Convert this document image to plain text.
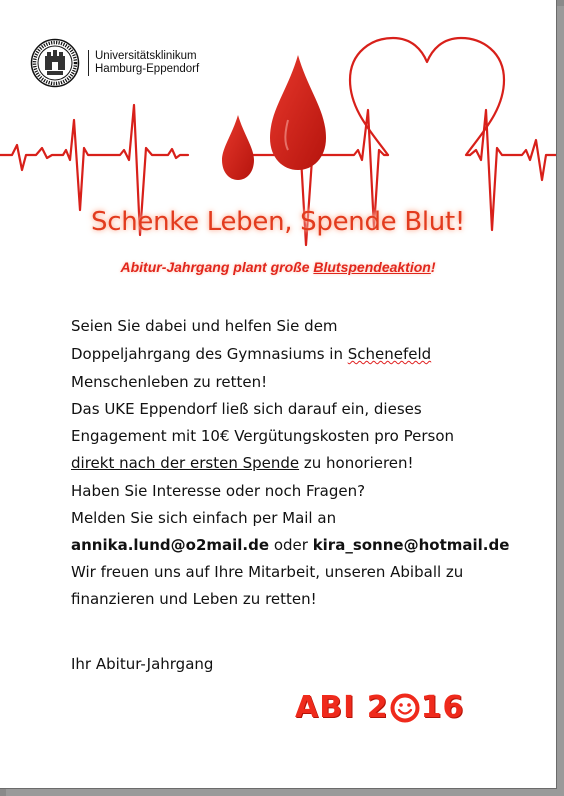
Universitätsklinikum
Hamburg-Eppendorf
Schenke Leben, Spende Blut!
Abitur-Jahrgang plant große Blutspendeaktion!
Seien Sie dabei und helfen Sie dem
Doppeljahrgang des Gymnasiums in Schenefeld
Menschenleben zu retten!
Das UKE Eppendorf ließ sich darauf ein, dieses
Engagement mit 10€ Vergütungskosten pro Person
direkt nach der ersten Spende zu honorieren!
Haben Sie Interesse oder noch Fragen?
Melden Sie sich einfach per Mail an
annika.lund@o2mail.de oder kira_sonne@hotmail.de
Wir freuen uns auf Ihre Mitarbeit, unseren Abiball zu
finanzieren und Leben zu retten!
Ihr Abitur-Jahrgang
ABI 2 16
